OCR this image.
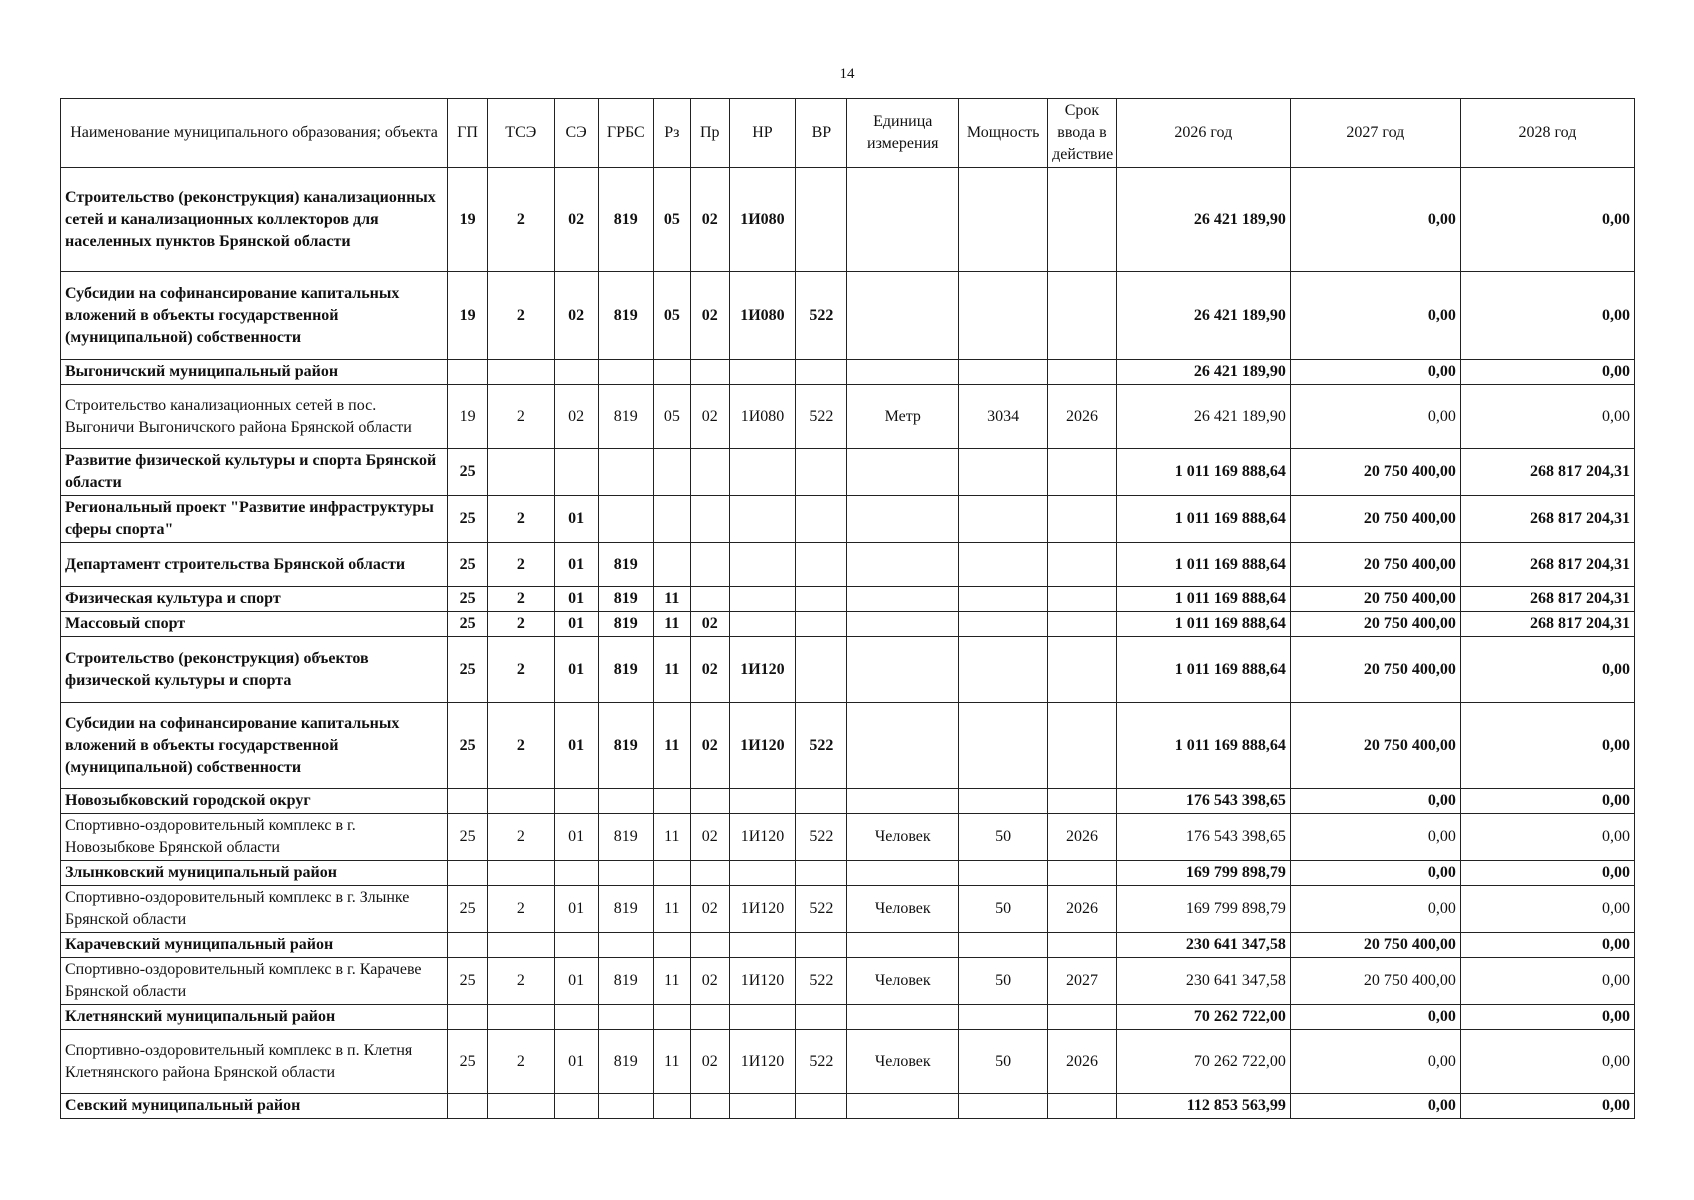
14
Наименование муниципального образования; объекта	ГП	ТСЭ	СЭ	ГРБС	Рз	Пр	НР	ВР	Единица измерения	Мощность	Срок ввода в действие	2026 год	2027 год	2028 год
Строительство (реконструкция) канализационных сетей и канализационных коллекторов для населенных пунктов Брянской области	19	2	02	819	05	02	1И080					26 421 189,90	0,00	0,00
Субсидии на софинансирование капитальных вложений в объекты государственной (муниципальной) собственности	19	2	02	819	05	02	1И080	522				26 421 189,90	0,00	0,00
Выгоничский муниципальный район												26 421 189,90	0,00	0,00
Строительство канализационных сетей в пос. Выгоничи Выгоничского района Брянской области	19	2	02	819	05	02	1И080	522	Метр	3034	2026	26 421 189,90	0,00	0,00
Развитие физической культуры и спорта Брянской области	25											1 011 169 888,64	20 750 400,00	268 817 204,31
Региональный проект "Развитие инфраструктуры сферы спорта"	25	2	01									1 011 169 888,64	20 750 400,00	268 817 204,31
Департамент строительства Брянской области	25	2	01	819								1 011 169 888,64	20 750 400,00	268 817 204,31
Физическая культура и спорт	25	2	01	819	11							1 011 169 888,64	20 750 400,00	268 817 204,31
Массовый спорт	25	2	01	819	11	02						1 011 169 888,64	20 750 400,00	268 817 204,31
Строительство (реконструкция) объектов физической культуры и спорта	25	2	01	819	11	02	1И120					1 011 169 888,64	20 750 400,00	0,00
Субсидии на софинансирование капитальных вложений в объекты государственной (муниципальной) собственности	25	2	01	819	11	02	1И120	522				1 011 169 888,64	20 750 400,00	0,00
Новозыбковский городской округ												176 543 398,65	0,00	0,00
Спортивно-оздоровительный комплекс в г. Новозыбкове Брянской области	25	2	01	819	11	02	1И120	522	Человек	50	2026	176 543 398,65	0,00	0,00
Злынковский муниципальный район												169 799 898,79	0,00	0,00
Спортивно-оздоровительный комплекс в г. Злынке Брянской области	25	2	01	819	11	02	1И120	522	Человек	50	2026	169 799 898,79	0,00	0,00
Карачевский муниципальный район												230 641 347,58	20 750 400,00	0,00
Спортивно-оздоровительный комплекс в г. Карачеве Брянской области	25	2	01	819	11	02	1И120	522	Человек	50	2027	230 641 347,58	20 750 400,00	0,00
Клетнянский муниципальный район												70 262 722,00	0,00	0,00
Спортивно-оздоровительный комплекс в п. Клетня Клетнянского района Брянской области	25	2	01	819	11	02	1И120	522	Человек	50	2026	70 262 722,00	0,00	0,00
Севский муниципальный район												112 853 563,99	0,00	0,00
